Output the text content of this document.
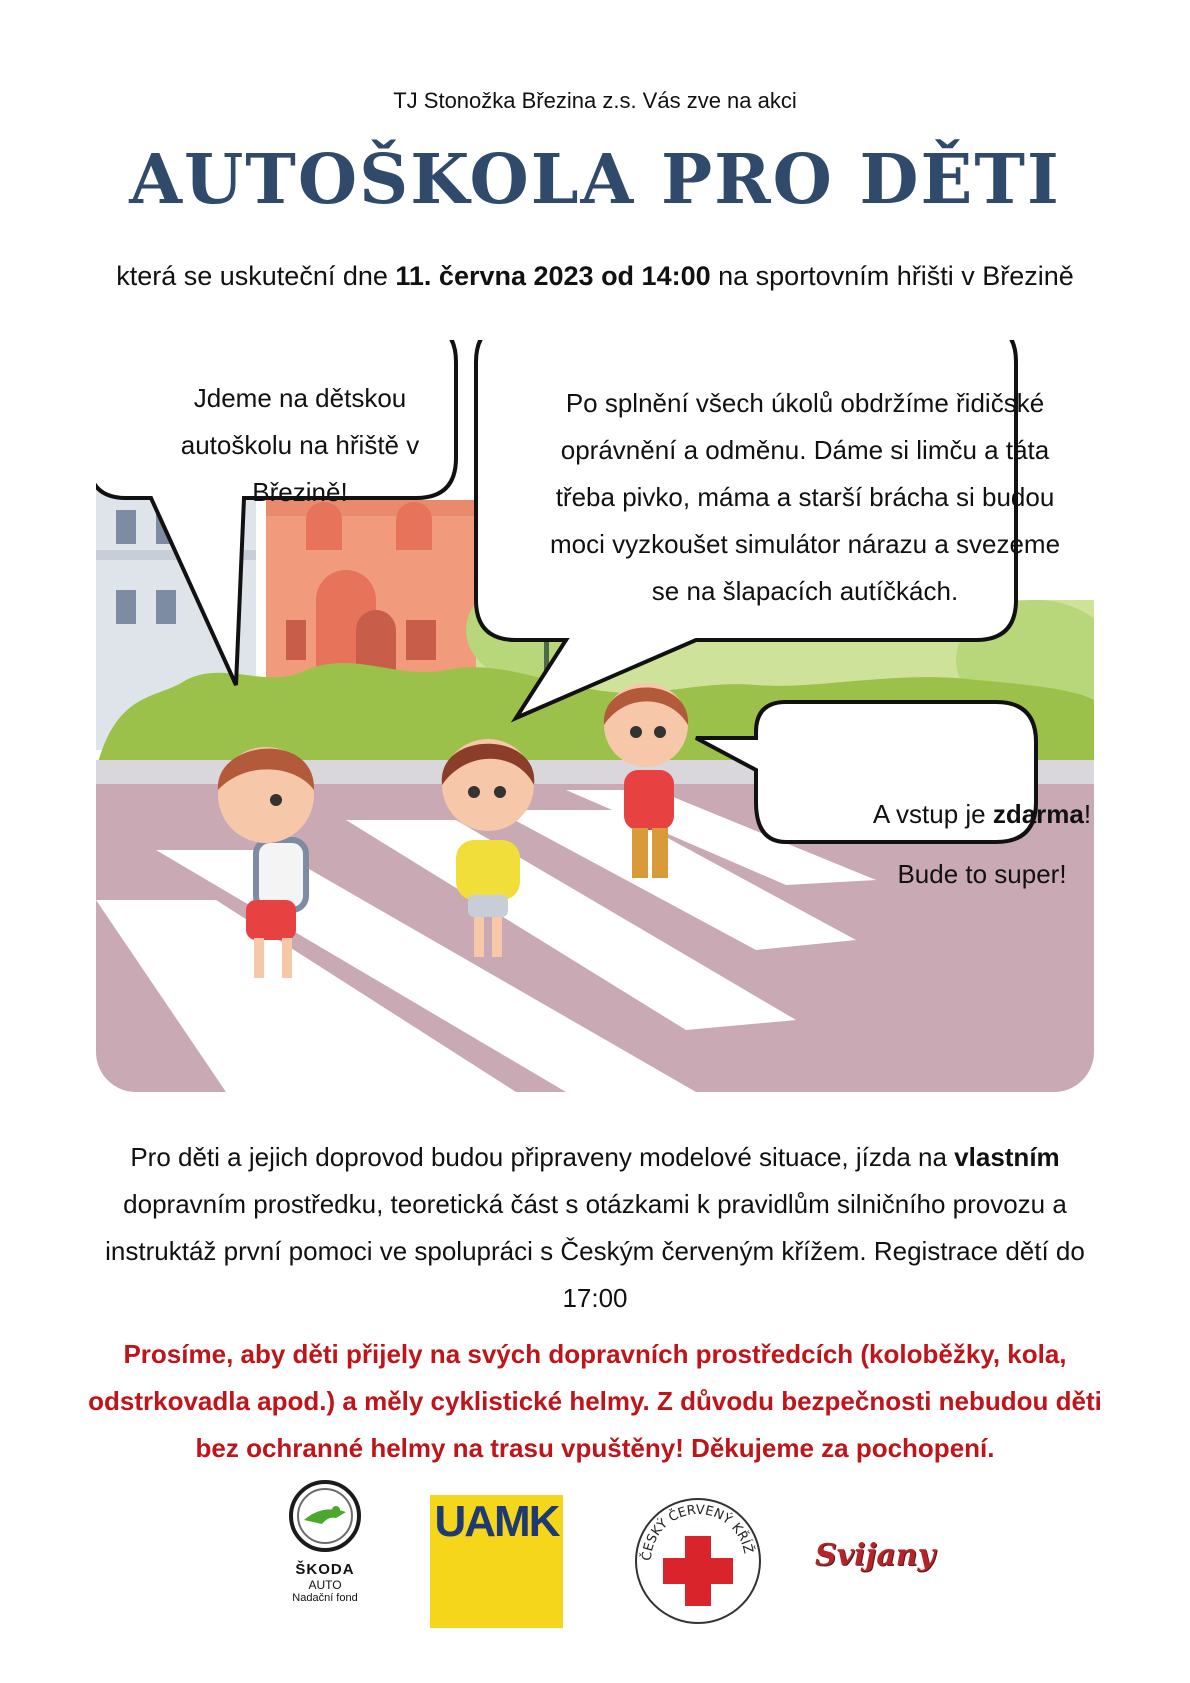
TJ Stonožka Březina z.s. Vás zve na akci
AUTOŠKOLA PRO DĚTI
která se uskuteční dne 11. června 2023 od 14:00 na sportovním hřišti v Březině
Jdeme na dětskou autoškolu na hřiště v Březině!
Po splnění všech úkolů obdržíme řidičské oprávnění a odměnu. Dáme si limču a táta třeba pivko, máma a starší brácha si budou moci vyzkoušet simulátor nárazu a svezeme se na šlapacích autíčkách.
A vstup je zdarma!
Bude to super!
Pro děti a jejich doprovod budou připraveny modelové situace, jízda na vlastním dopravním prostředku, teoretická část s otázkami k pravidlům silničního provozu a instruktáž první pomoci ve spolupráci s Českým červeným křížem. Registrace dětí do 17:00
Prosíme, aby děti přijely na svých dopravních prostředcích (koloběžky, kola, odstrkovadla apod.) a měly cyklistické helmy. Z důvodu bezpečnosti nebudou děti bez ochranné helmy na trasu vpuštěny! Děkujeme za pochopení.
ŠKODA
AUTO
Nadační fond
UAMK
ČESKÝ ČERVENÝ KŘÍŽ Svijany
